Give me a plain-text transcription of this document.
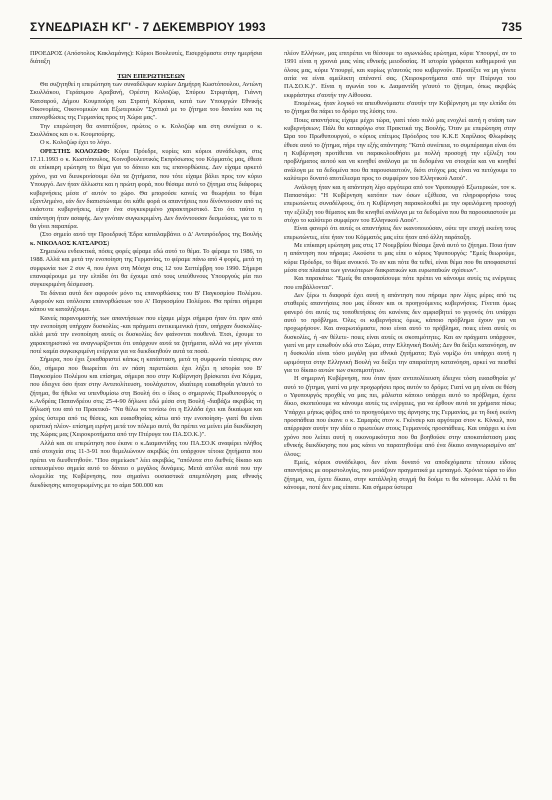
ΣΥΝΕΔΡΙΑΣΗ ΚΓ' - 7 ΔΕΚΕΜΒΡΙΟΥ 1993	735

ΠΡΟΕΔΡΟΣ (Απόστολος Κακλαμάνης): Κύριοι Βουλευτές, Εισερχόμαστε στην ημερήσια διάταξη

ΤΩΝ ΕΠΕΡΩΤΗΣΕΩΝ

Θα συζητηθεί η επερώτηση των συναδέλφων κυρίων Δημήτρη Κωστόπουλου, Αντώνη Σκυλλάκου, Γεράσιμου Αραβανή, Ορέστη Κολοζώφ, Σπύρου Στριφτάρη, Γιάννη Κατσαρού, Δήμου Κουμπούρη και Στρατή Κόρακα, κατά των Υπουργών Εθνικής Οικονομίας, Οικονομικών και Εξωτερικών "Σχετικά με το ζήτημα του δανείου και τις επανορθώσεις της Γερμανίας προς τη Χώρα μας".

Την επερώτηση θα αναπτύξουν, πρώτος ο κ. Κολοζώφ και στη συνέχεια ο κ. Σκυλλάκος και ο κ. Κουμπούρης.

Ο κ. Κολοζώφ έχει το λόγο.

ΟΡΕΣΤΗΣ ΚΟΛΟΖΩΦ: Κύριε Πρόεδρε, κυρίες και κύριοι συνάδελφοι, στις 17.11.1993 ο κ. Κωστόπουλος, Κοινοβουλευτικός Εκπρόσωπος του Κόμματός μας, έθεσε σε επίκαιρη ερώτηση το θέμα για το δάνειο και τις επανορθώσεις. Δεν είχαμε αρκετό χρόνο, για να διευκρινίσουμε όλα τα ζητήματα, που τότε είχαμε βάλει προς τον κύριο Υπουργό. Δεν ήταν άλλωστε και η πρώτη φορά, που θέσαμε αυτό το ζήτημα στις διάφορες κυβερνήσεις μέσα σ' αυτόν το χώρο. Θα μπορούσε κανείς να θεωρήσει το θέμα εξαντλημένο, εάν δεν διαπιστώναμε ότι κάθε φορά οι απαντήσεις που δίνόντουσαν από τις εκάστοτε κυβερνήσεις, είχαν ένα συγκεκριμένο χαρακτηριστικό. Στο ότι ταύτα η απάντηση ήταν ασαφής. Δεν γινόταν συγκεκριμένη. Δεν δινόντουσαν δεσμεύσεις, για το τι θα γίνει παραπέρα.

(Στο σημείο αυτό την Προεδρική Έδρα καταλαμβάνει ο Δ' Αντιπρόεδρος της Βουλής κ. ΝΙΚΟΛΑΟΣ ΚΑΤΣΑΡΟΣ)

Σημειώνω ενδεικτικά, πόσες φορές φέραμε εδώ αυτό το θέμα. Το φέραμε το 1986, το 1988. Αλλά και μετά την ενοποίηση της Γερμανίας, το φέραμε πάνω από 4 φορές, μετά τη συμφωνία των 2 συν 4, που έγινε στη Μόσχα στις 12 του Σεπτέμβρη του 1990. Σήμερα επαναφέρουμε με την ελπίδα ότι θα έχουμε από τους υπεύθυνους Υπουργούς μία πιο συγκεκριμένη δέσμευση.

Τα δάνεια αυτά δεν αφορούν μόνο τις επανορθώσεις του Β' Παγκοσμίου Πολέμου. Αφορούν και υπόλοιπα επανορθώσεων του Α' Παγκοσμίου Πολέμου. Θα πρέπει σήμερα κάπου να καταλήξουμε.

Κανείς παρανομαστής των απαντήσεων που είχαμε μέχρι σήμερα ήταν ότι πριν από την ενοποίηση υπήρχαν δυσκολίες -και πράγματι αντικειμενικά ήταν, υπήρχαν δυσκολίες- αλλά μετά την ενοποίηση αυτές οι δυσκολίες δεν φαίνονται πουθενά. Έτσι, έχουμε το χαρακτηριστικό να αναγνωρίζονται ότι υπάρχουν αυτά τα ζητήματα, αλλά να μην γίνεται ποτέ καμία συγκεκριμένη ενέργεια για να διεκδικηθούν αυτά τα ποσά.

Σήμερα, που έχει ξεκαθαριστεί κάπως η κατάσταση, μετά τη συμφωνία τέσσερις συν δύο, σήμερα που θεωρείται ότι εν πάση περιπτώσει έχει λήξει η ιστορία του Β' Παγκοσμίου Πολέμου και επίσημα, σήμερα που στην Κυβέρνηση βρίσκεται ένα Κόμμα, που έδειχνε όσο ήταν στην Αντιπολίτευση, τουλάχιστον, ιδιαίτερη ευαισθησία γι'αυτό το ζήτημα, θα ήθελα να υπενθυμίσω στη Βουλή ότι ο ίδιος ο σημερινός Πρωθυπουργός ο κ.Ανδρέας Παπανδρέου στις 25-4-90 δήλωνε εδώ μέσα στη Βουλή -διαβάζω ακριβώς τη δήλωσή του από τα Πρακτικά- "Να θέλω να τονίσω ότι η Ελλάδα έχει και δικαίωμα και χρέος ύστερα από τις θέσεις, και ευαισθησίας κάτω από την ενοποίηση- γιατί θα είναι οριστική πλέον- επίσημη ειρήνη μετά τον πόλεμο αυτό, θα πρέπει να μείνει μία διεκδίκηση της Χώρας μας (Χειροκροτήματα από την Πτέρυγα του ΠΑ.ΣΟ.Κ.)".

Αλλά και σε επερώτηση που έκανε ο κ.Διαμαντίδης του ΠΑ.ΣΟ.Κ αναφέρει πλήθος από στοιχεία στις 11-3-91 που θεμελιώνουν ακριβώς ότι υπάρχουν τέτοια ζητήματα που πρέπει να διευθετηθούν. "Που σημείωσε" λέει ακριβώς, "απόλυτα στο διεθνές δίκαιο και εσπευσμένου σημεία αυτό το δάνειο ο μεγάλος δυνάμεις. Μετά απ'όλα αυτά που την ολομελία της Κυβέρνησης, που σημαίνει ουσιαστικά απεμπόληση μιας εθνικής διεκδίκησης κατοχυρωμένης με το αίμα 500.000 και

πλέον Ελλήνων, μας επιτρέπει να θέσουμε το αγωνιώδες ερώτημα, κύριε Υπουργέ, αν το 1991 είναι η χρονιά μιας νέας εθνικής μειοδοσίας. Η ιστορία γράφεται καθημερινά για όλους μας, κύριε Υπουργέ, και κυρίως γι'αυτούς που κυβερνούν. Προσέξτε να μη γίνετε αιτία να είναι αμείλικτη απέναντί σας. (Χειροκροτήματα από την Πτέρυγα του ΠΑ.ΣΟ.Κ.)". Είναι η αγωνία του κ. Διαμαντίδη γι'αυτό το ζήτημα, όπως ακριβώς εκφράστηκε σ'αυτήν την Αίθουσα.

Επομένως, ήταν λογικό να απευθυνόμαστε σ'αυτήν την Κυβέρνηση με την ελπίδα ότι το ζήτημα θα πάρει το δρόμο της λύσης του.

Ποιες απαντήσεις είχαμε μέχρι τώρα, γιατί τόσο πολύ μας ενοχλεί αυτή η στάση των κυβερνήσεων; Πάλι θα καταφύγω στα Πρακτικά της Βουλής. Όταν με επερώτηση στην Ώρα του Πρωθυπουργού, ο κύριος επίτιμος Πρόεδρος του Κ.Κ.Ε Χαρίλαος Φλωράκης έθεσε αυτό το ζήτημα, πήρε την εξής απάντηση: "Κατά συνέπεια, το συμπέρασμα είναι ότι η Κυβέρνηση προτίθεται να παρακολουθήσει με πολλή προσοχή την εξέλιξη του προβλήματος αυτού και να κινηθεί ανάλογα με τα δεδομένα να στοιχεία και να κινηθεί ανάλογα με τα δεδομένα που θα παρουσιαστούν, διότι στόχος μας είναι να πετύχουμε το καλύτερο δυνατό αποτέλεσμα προς το συμφέρον του Ελληνικού Λαού".

Ανάλογη ήταν και η απάντηση λίγο αργότερα από τον Υφυπουργό Εξωτερικών, τον κ. Παπαστάμο: "Η Κυβέρνηση κατόπιν των όσων εξέθεσα, να πληροφορήσω τους επερωτώντες συναδέλφους, ότι η Κυβέρνηση παρακολουθεί με την οφειλόμενη προσοχή την εξέλιξη του θέματος και θα κινηθεί ανάλογα με τα δεδομένα που θα παρουσιαστούν με στόχο το καλύτερο συμφέρον του Ελληνικού Λαού".

Είναι φανερό ότι αυτές οι απαντήσεις δεν ικανοποιούσαν, ούτε την εποχή εκείνη τους επερωτώντες, είτε ήταν του Κόμματός μας είτε ήταν από άλλη παράταξη.

Με επίκαιρη ερώτηση μας στις 17 Νοεμβρίου θέσαμε ξανά αυτό το ζήτημα. Ποια ήταν η απάντηση που πήραμε; Ακούστε τι μας είπε ο κύριος Υφυπουργός: "Εμείς θεωρούμε, κύριε Πρόεδρε, το θέμα ανοικτό. Το αν και πότε θα τεθεί, είναι θέμα που θα αποφασιστεί μέσα στα πλαίσια των γενικότερων διακρατικών και ευρωπαϊκών σχέσεων".

Και παρακάτω: "Εμείς θα αποφασίσουμε πότε πρέπει να κάνουμε αυτές τις ενέργειες που επιβάλλονται".

Δεν ξέρω τι διαφορά έχει αυτή η απάντηση που πήραμε πριν λίγες μέρες από τις σταθερές απαντήσεις που μας έδιναν και οι προηγούμενες κυβερνήσεις. Γίνεται όμως φανερό ότι αυτές τις τοποθετήσεις ότι κανένας δεν αμφισβητεί το γεγονός ότι υπάρχει αυτό το πρόβλημα. Όλες οι κυβερνήσεις όμως, κάποιο πρόβλημα έχουν για να προχωρήσουν. Και αναρωτιόμαστε, ποιο είναι αυτό το πρόβλημα, ποιες είναι αυτές οι δυσκολίες, ή -αν θέλετε- ποιες είναι αυτές οι σκοπιμότητες. Και αν πράγματι υπάρχουν, γιατί να μην ειπωθούν εδώ στο Σώμα, στην Ελληνική Βουλή; Δεν θα δείξει κατανόηση, αν η δυσκολία είναι τόσο μεγάλη για εθνικά ζητήματα; Εγώ νομίζω ότι υπάρχει αυτή η ωριμότητα στην Ελληνική Βουλή να δείξει την απαραίτητη κατανόηση, αρκεί να πεισθεί για το δίκαιο αυτών των σκοπιμοτήτων.

Η σημερινή Κυβέρνηση, που όταν ήταν αντιπολίτευση έδειχνε τόση ευαισθησία γι' αυτό το ζήτημα, γιατί να μην προχωρήσει προς αυτόν το δρόμο; Γιατί να μη είναι σε θέση ο Υφυπουργός προχθές να μας πει, μάλιστα κάποιο υπάρχει αυτό το πρόβλημα, έχετε δίκιο, σκοπεύουμε να κάνουμε αυτές τις ενέργειες, για να έρθουν αυτά τα χρήματα πίσω; Υπάρχει μήπως φόβος από το προηγούμενο της άρνησης της Γερμανίας, με τη δική εκείνη προσπάθεια που έκανε ο κ. Σαμαράς στον κ. Γκένσερ και αργότερα στον κ. Κίνκελ, που απέρριψαν αυτήν την ιδέα ο πρωτεύων στους Γερμανούς προσπάθειες. Και υπάρχει κι ένα χρόνο που λείπει αυτή η οικονομικότητα που θα βοηθούσε στην αποκατάσταση μιας εθνικής διεκδίκησης που μας κάνει να παραιτηθούμε από ένα δίκαιο αναγνωρισμένο απ' όλους;

Εμείς, κύριοι συνάδελφοι, δεν είναι δυνατό να αποδεχόμαστε τέτοιου είδους απαντήσεις με αοριστολογίες, που μοιάζουν πραγματικά με εμπαιγμό. Χρόνια τώρα το ίδιο ζήτημα, ναι, έχετε δίκαιο, στην κατάλληλη στιγμή θα δούμε τι θα κάνουμε. Αλλά τι θα κάνουμε, ποτέ δεν μας είπατε. Και σήμερα ύστερα
